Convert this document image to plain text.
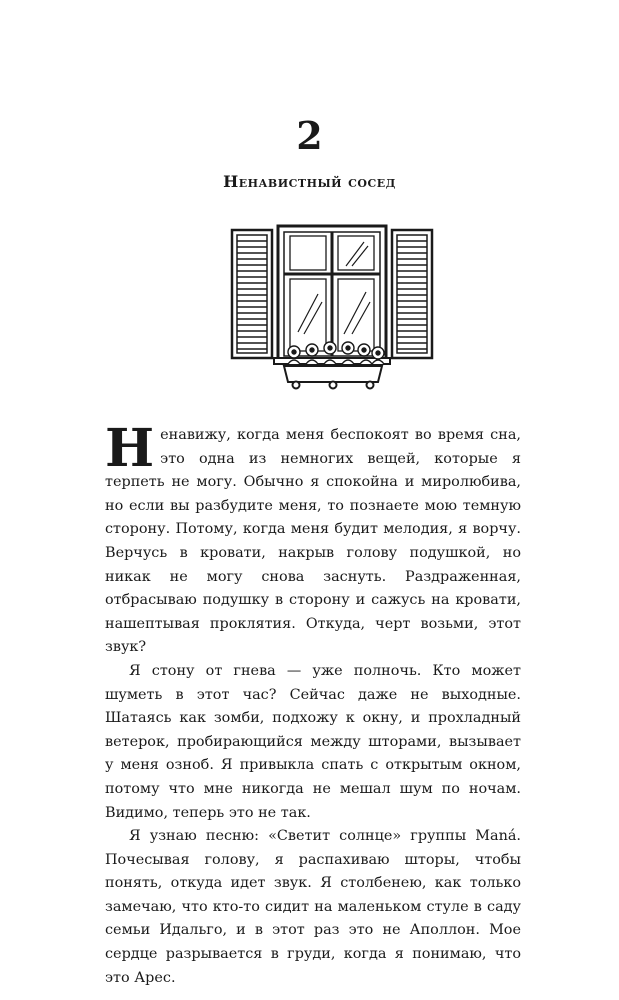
2
Ненавистный сосед

Ненавижу, когда меня беспокоят во время сна, это одна из немногих вещей, которые я терпеть не могу. Обычно я спокойна и миролюбива, но если вы разбудите меня, то познаете мою темную сторону. Потому, когда меня будит мелодия, я ворчу. Верчусь в кровати, накрыв голову подушкой, но никак не могу снова заснуть. Раздраженная, отбрасываю подушку в сторону и сажусь на кровати, нашептывая проклятия. Откуда, черт возьми, этот звук?

Я стону от гнева — уже полночь. Кто может шуметь в этот час? Сейчас даже не выходные. Шатаясь как зомби, подхожу к окну, и прохладный ветерок, пробирающийся между шторами, вызывает у меня озноб. Я привыкла спать с открытым окном, потому что мне никогда не мешал шум по ночам. Видимо, теперь это не так.

Я узнаю песню: «Светит солнце» группы Maná. Почесывая голову, я распахиваю шторы, чтобы понять, откуда идет звук. Я столбенею, как только замечаю, что кто-то сидит на маленьком стуле в саду семьи Идальго, и в этот раз это не Аполлон. Мое сердце разрывается в груди, когда я понимаю, что это Арес.
